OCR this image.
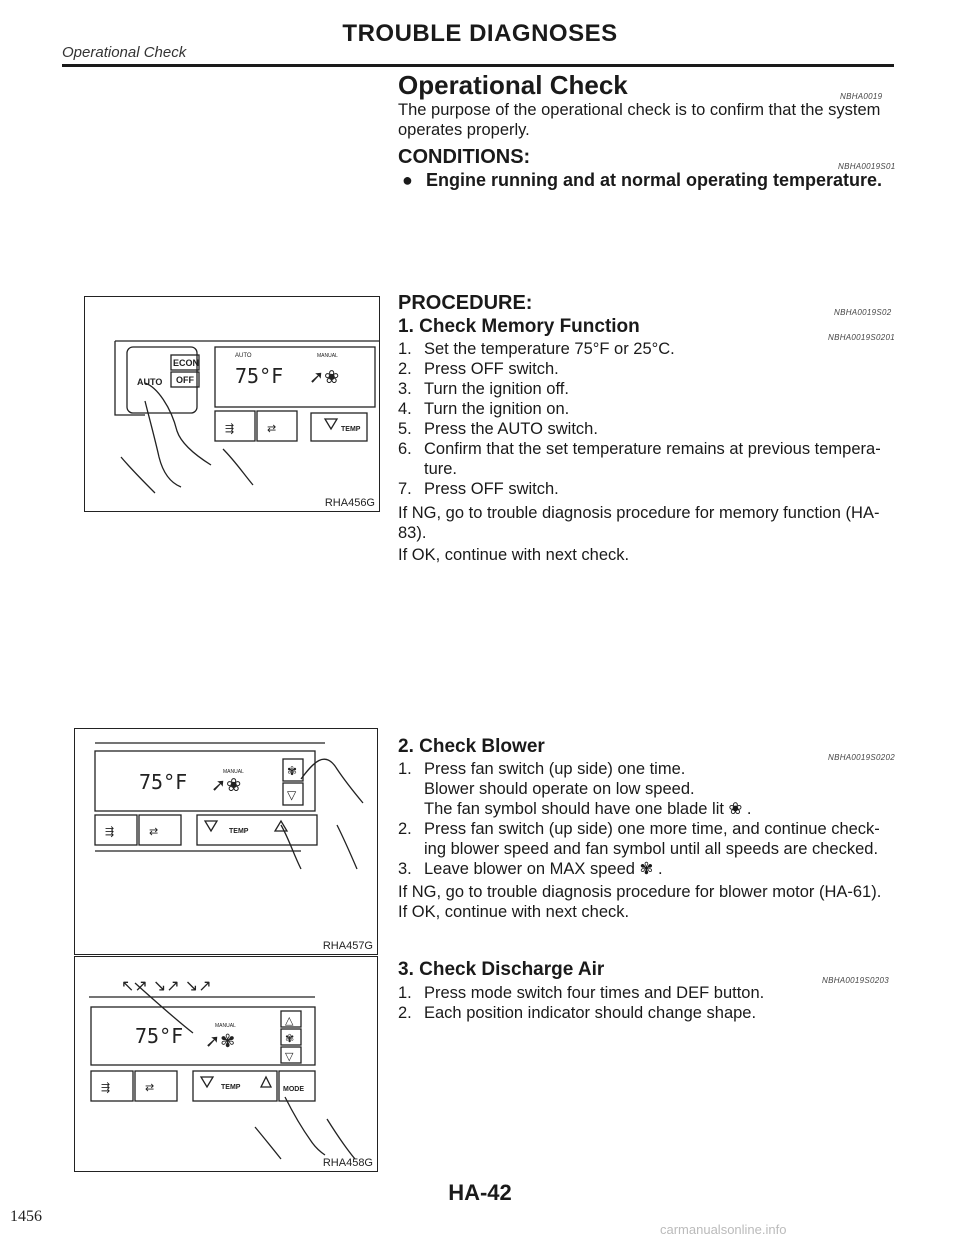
TROUBLE DIAGNOSES
Operational Check
Operational Check	NBHA0019
The purpose of the operational check is to confirm that the system operates properly.
CONDITIONS:	NBHA0019S01
● Engine running and at normal operating temperature.
AUTO
ECON
OFF
AUTO	MANUAL
75°F ➚❀
⇶	⇄	TEMP
RHA456G
PROCEDURE:	NBHA0019S02
1. Check Memory Function
NBHA0019S0201
1. Set the temperature 75°F or 25°C.
2. Press OFF switch.
3. Turn the ignition off.
4. Turn the ignition on.
5. Press the AUTO switch.
6. Confirm that the set temperature remains at previous tempera-ture.
7. Press OFF switch.
If NG, go to trouble diagnosis procedure for memory function (HA-83).
If OK, continue with next check.
75°F	MANUAL
➚❀
✾
▽
⇶	⇄	TEMP
RHA457G
2. Check Blower
NBHA0019S0202
1. Press fan switch (up side) one time.
Blower should operate on low speed.
The fan symbol should have one blade lit ❀ .
2. Press fan switch (up side) one more time, and continue check-ing blower speed and fan symbol until all speeds are checked.
3. Leave blower on MAX speed ✾ .
If NG, go to trouble diagnosis procedure for blower motor (HA-61).
If OK, continue with next check.
↖↗ ↘↗ ↘↗
75°F	MANUAL
➚✾
△
✾
▽
⇶	⇄	TEMP	MODE
RHA458G
3. Check Discharge Air
NBHA0019S0203
1. Press mode switch four times and DEF button.
2. Each position indicator should change shape.
HA-42
1456
carmanualsonline.info
